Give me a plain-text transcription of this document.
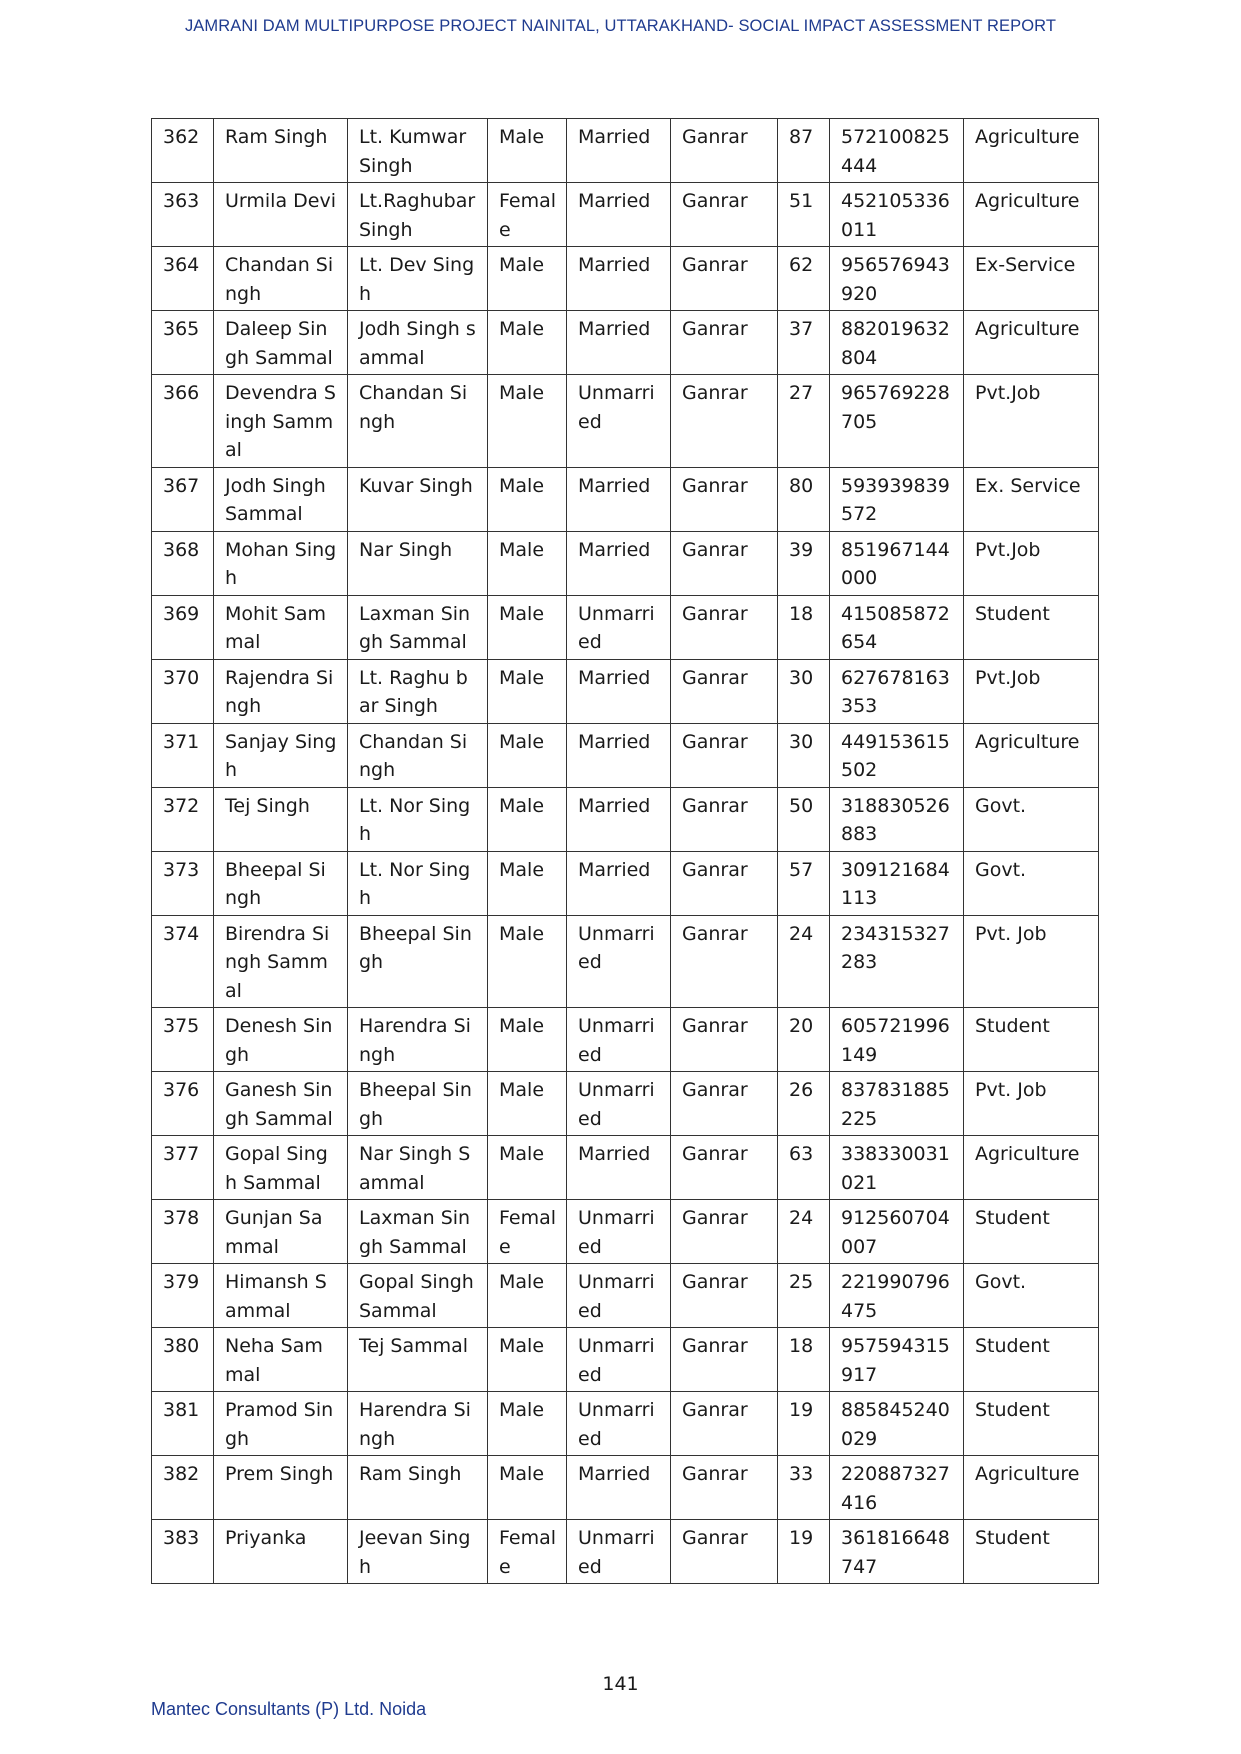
JAMRANI DAM MULTIPURPOSE PROJECT NAINITAL, UTTARAKHAND- SOCIAL IMPACT ASSESSMENT REPORT
362	Ram Singh	Lt. Kumwar Singh	Male	Married	Ganrar	87	572100825444	Agriculture
363	Urmila Devi	Lt.Raghubar Singh	Female	Married	Ganrar	51	452105336011	Agriculture
364	Chandan Singh	Lt. Dev Singh	Male	Married	Ganrar	62	956576943920	Ex-Service
365	Daleep Singh Sammal	Jodh Singh sammal	Male	Married	Ganrar	37	882019632804	Agriculture
366	Devendra Singh Sammal	Chandan Singh	Male	Unmarried	Ganrar	27	965769228705	Pvt.Job
367	Jodh Singh Sammal	Kuvar Singh	Male	Married	Ganrar	80	593939839572	Ex. Service
368	Mohan Singh	Nar Singh	Male	Married	Ganrar	39	851967144000	Pvt.Job
369	Mohit Sammal	Laxman Singh Sammal	Male	Unmarried	Ganrar	18	415085872654	Student
370	Rajendra Singh	Lt. Raghu bar Singh	Male	Married	Ganrar	30	627678163353	Pvt.Job
371	Sanjay Singh	Chandan Singh	Male	Married	Ganrar	30	449153615502	Agriculture
372	Tej Singh	Lt. Nor Singh	Male	Married	Ganrar	50	318830526883	Govt.
373	Bheepal Singh	Lt. Nor Singh	Male	Married	Ganrar	57	309121684113	Govt.
374	Birendra Singh Sammal	Bheepal Singh	Male	Unmarried	Ganrar	24	234315327283	Pvt. Job
375	Denesh Singh	Harendra Singh	Male	Unmarried	Ganrar	20	605721996149	Student
376	Ganesh Singh Sammal	Bheepal Singh	Male	Unmarried	Ganrar	26	837831885225	Pvt. Job
377	Gopal Singh Sammal	Nar Singh Sammal	Male	Married	Ganrar	63	338330031021	Agriculture
378	Gunjan Sammal	Laxman Singh Sammal	Female	Unmarried	Ganrar	24	912560704007	Student
379	Himansh Sammal	Gopal Singh Sammal	Male	Unmarried	Ganrar	25	221990796475	Govt.
380	Neha Sammal	Tej Sammal	Male	Unmarried	Ganrar	18	957594315917	Student
381	Pramod Singh	Harendra Singh	Male	Unmarried	Ganrar	19	885845240029	Student
382	Prem Singh	Ram Singh	Male	Married	Ganrar	33	220887327416	Agriculture
383	Priyanka	Jeevan Singh	Female	Unmarried	Ganrar	19	361816648747	Student
141
Mantec Consultants (P) Ltd. Noida
